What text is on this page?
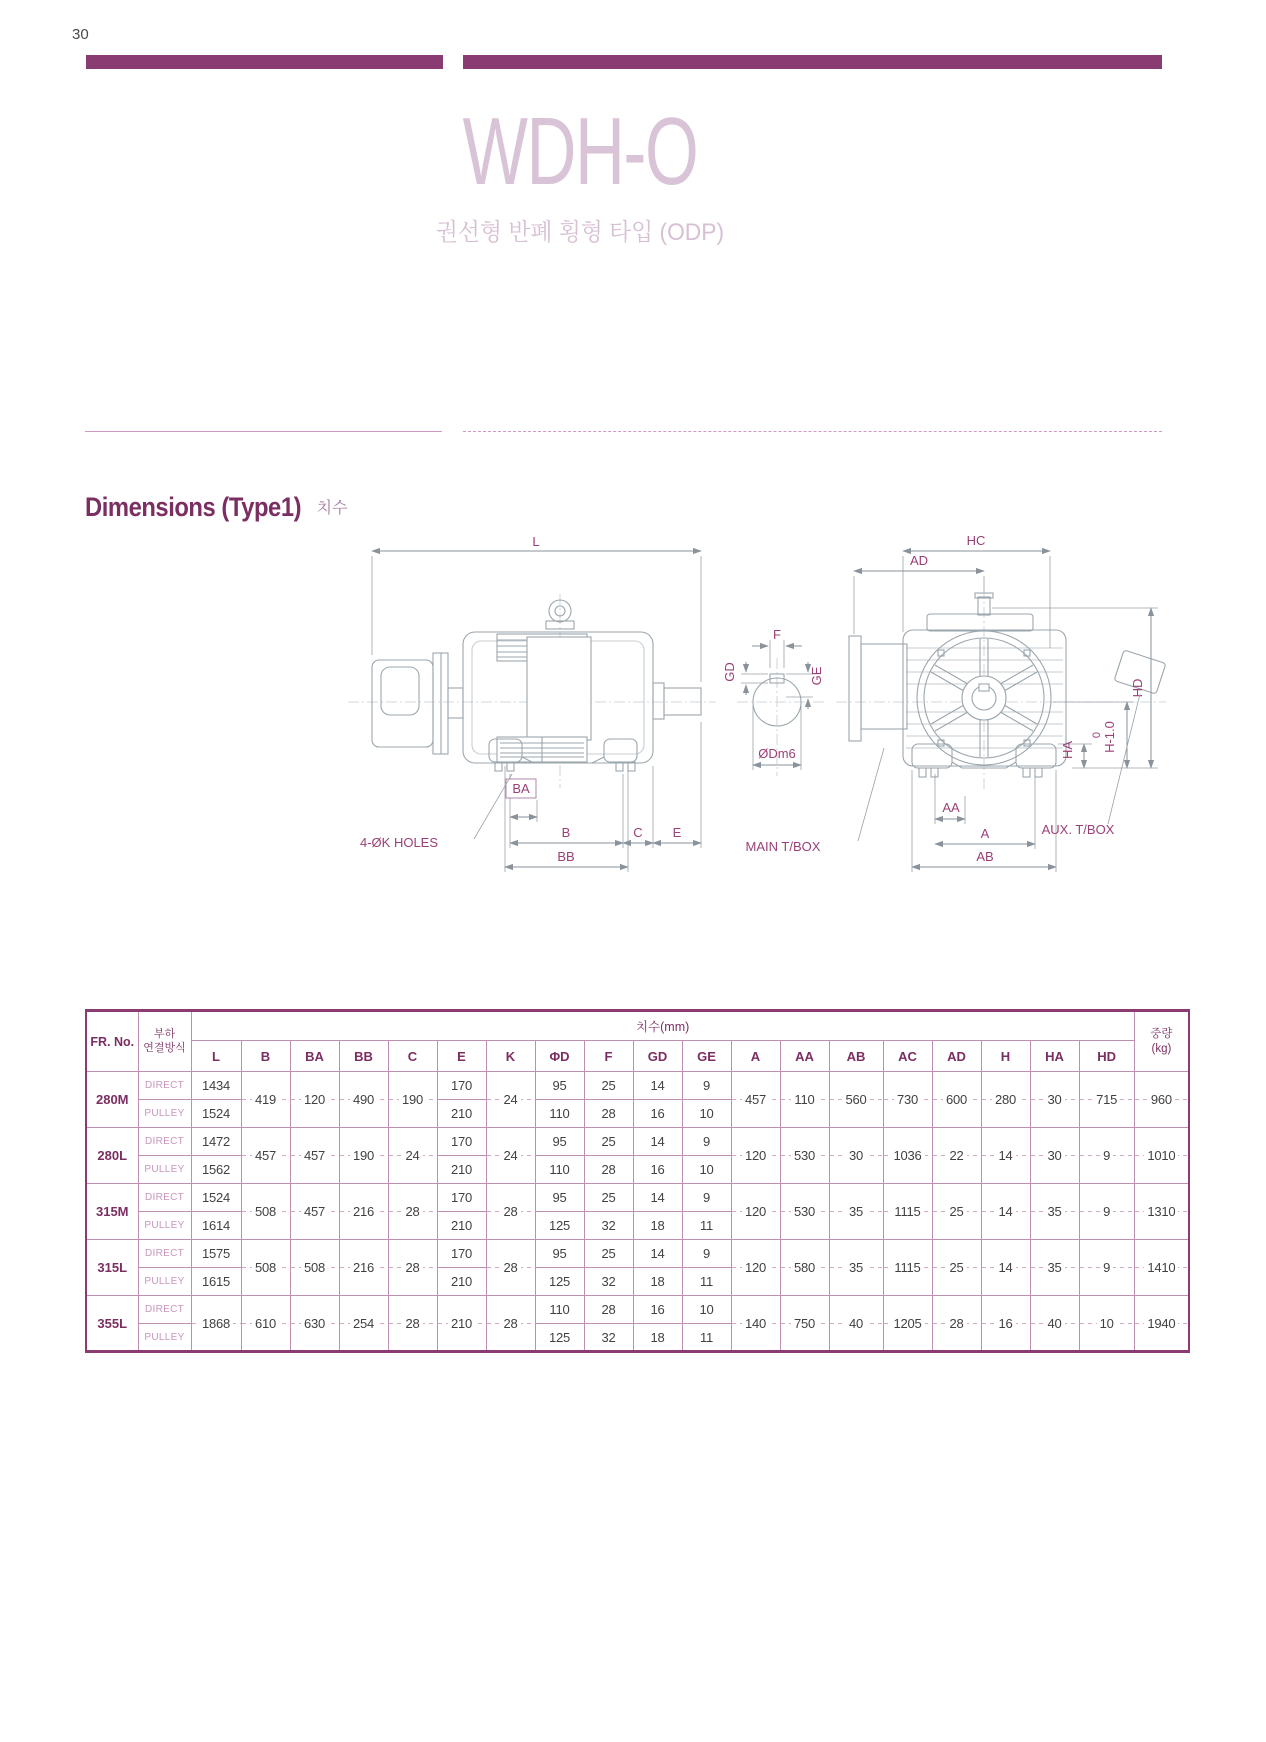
30
WDH-O
권선형 반폐 횡형 타입 (ODP)
Dimensions (Type1) 치수
L
BA
B
BB
C E
4-ØK HOLES
F
GD	GE
ØDm6
HC
AD
HD
0 H-1.0
HA
AA
A
AB
MAIN T/BOX
AUX. T/BOX
FR. No.	부하
연결방식	치수(mm)																			중량
(kg)
		L	B	BA	BB	C	E	K	ΦD	F	GD	GE	A	AA	AB	AC	AD	H	HA	HD	
280M	DIRECT	1434	419	120	490	190	170	24	95	25	14	9	457	110	560	730	600	280	30	715	960
	PULLEY	1524					210		110	28	16	10									
280L	DIRECT	1472	457	457	190	24	170	24	95	25	14	9	120	530	30	1036	22	14	30	9	1010
	PULLEY	1562					210		110	28	16	10									
315M	DIRECT	1524	508	457	216	28	170	28	95	25	14	9	120	530	35	1115	25	14	35	9	1310
	PULLEY	1614					210		125	32	18	11									
315L	DIRECT	1575	508	508	216	28	170	28	95	25	14	9	120	580	35	1115	25	14	35	9	1410
	PULLEY	1615					210		125	32	18	11									
355L	DIRECT	1868	610	630	254	28	210	28	110	28	16	10	140	750	40	1205	28	16	40	10	1940
	PULLEY								125	32	18	11									
